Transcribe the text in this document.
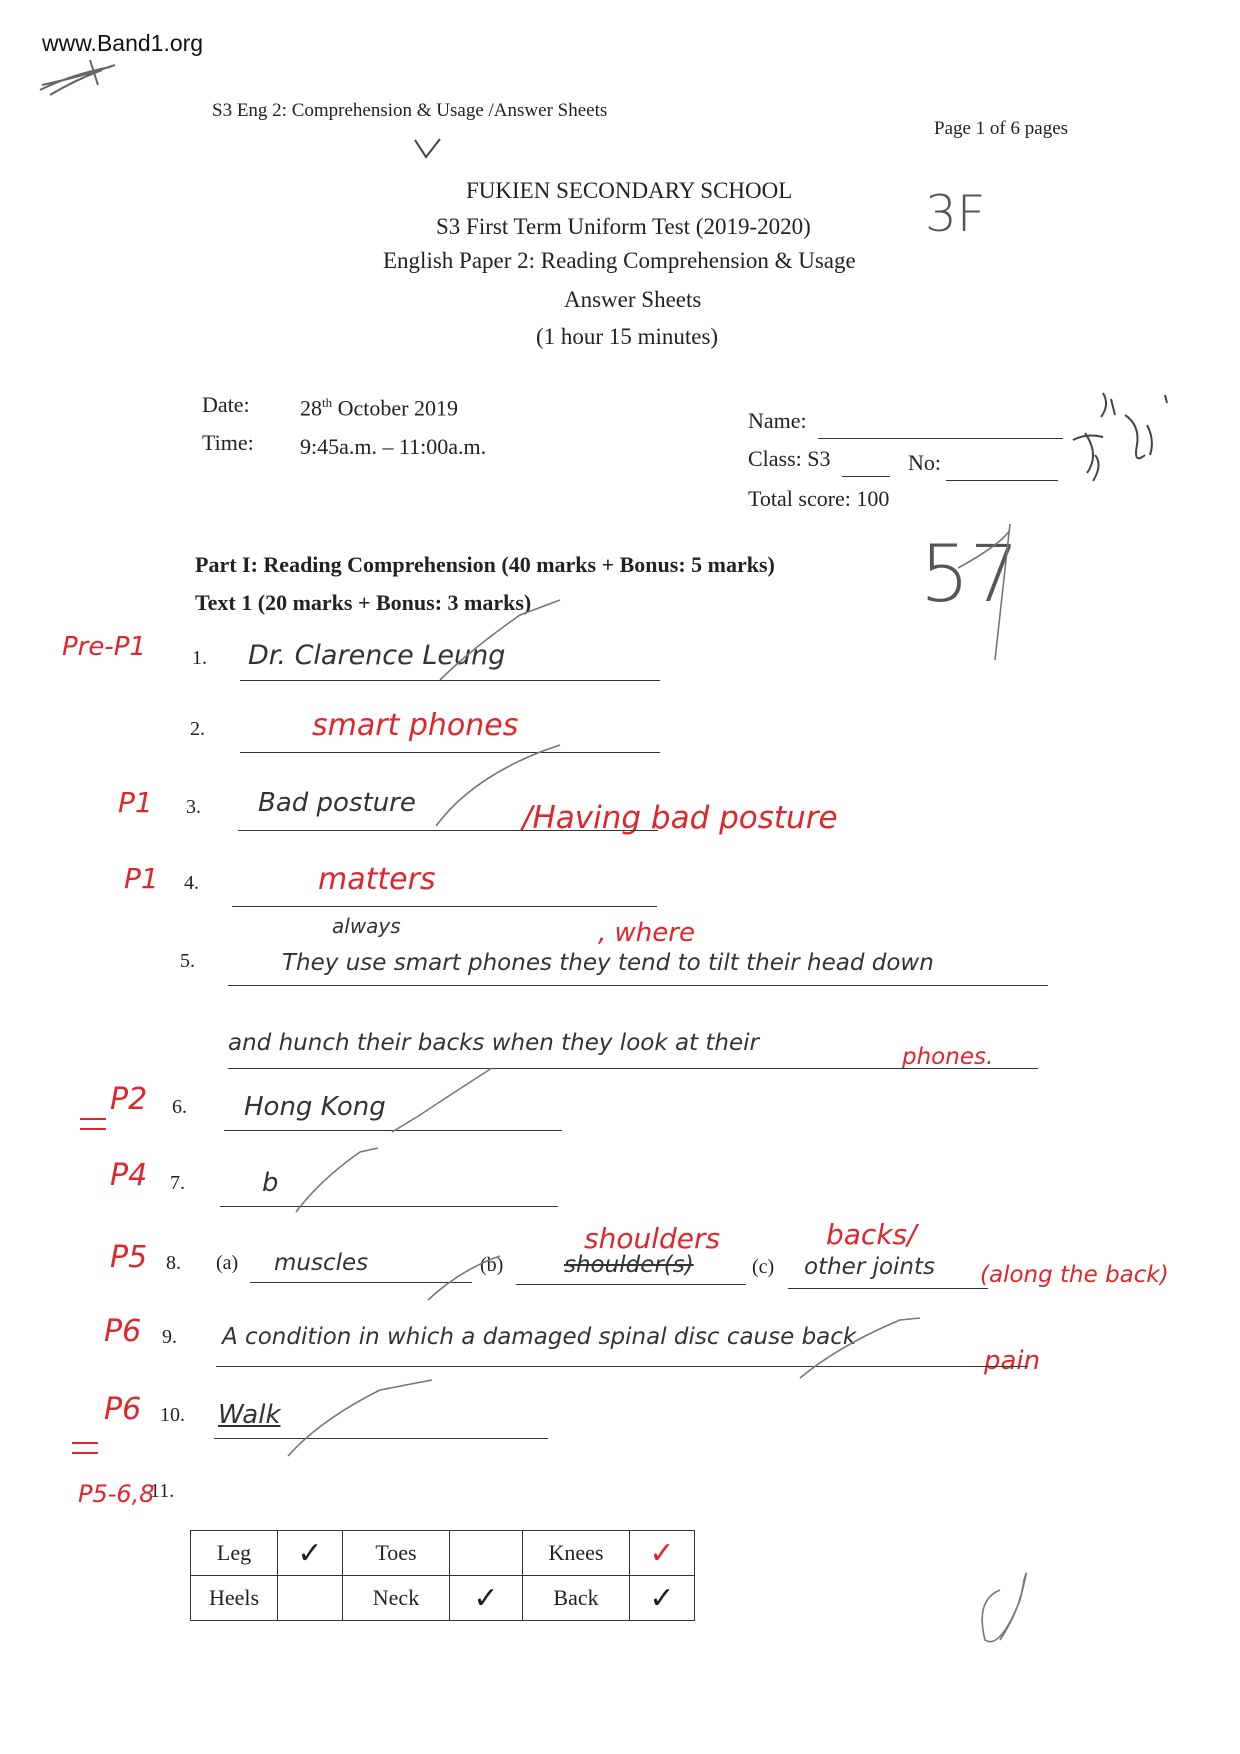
www.Band1.org
S3 Eng 2: Comprehension & Usage /Answer Sheets
Page 1 of 6 pages
3F
FUKIEN SECONDARY SCHOOL
S3 First Term Uniform Test (2019-2020)
English Paper 2: Reading Comprehension & Usage
Answer Sheets
(1 hour 15 minutes)
Date: 28th October 2019
Time: 9:45a.m. – 11:00a.m.
Name:
Class: S3	No:
Total score: 100
57
Part I: Reading Comprehension (40 marks + Bonus: 5 marks)
Text 1 (20 marks + Bonus: 3 marks)
Pre-P1 1. Dr. Clarence Leung
2.	smart phones
P1 3. Bad posture	/Having bad posture
P1 4.	matters
always	, where
5.	They use smart phones they tend to tilt their head down
and hunch their backs when they look at their
phones.
P2 6. Hong Kong
P4 7.	b
shoulders	backs/
P5 8. (a) muscles	(b)	shoulder(s)	(c) other joints (along the back)
P6 9. A condition in which a damaged spinal disc cause back
pain
P6 10. Walk
P5-6,8
11.
Leg	✓	Toes		Knees	✓
Heels		Neck	✓	Back	✓
